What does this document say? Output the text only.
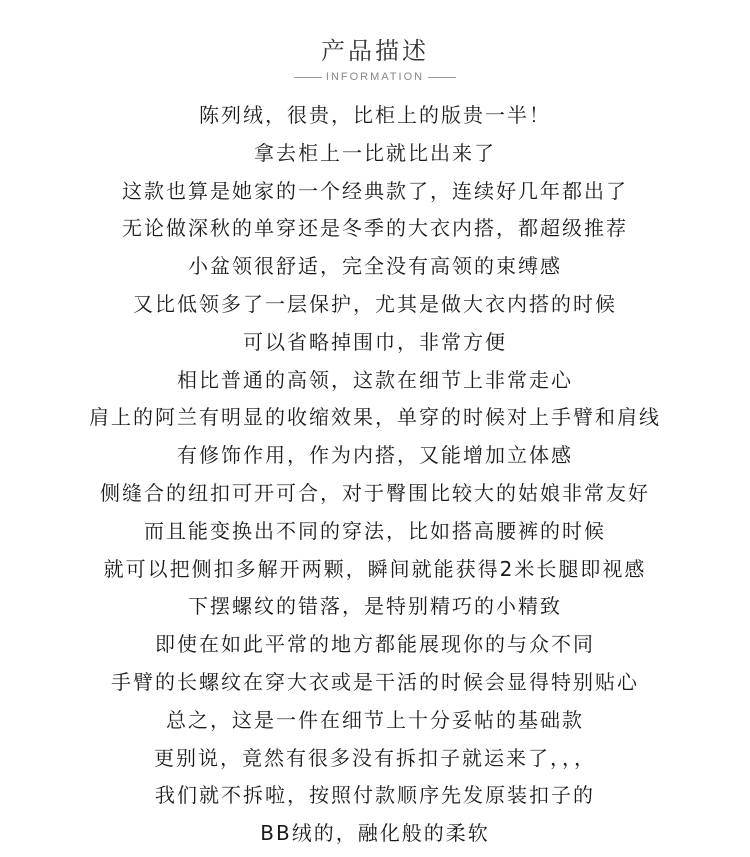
产品描述
INFORMATION
陈列绒，很贵，比柜上的版贵一半！
拿去柜上一比就比出来了
这款也算是她家的一个经典款了，连续好几年都出了
无论做深秋的单穿还是冬季的大衣内搭，都超级推荐
小盆领很舒适，完全没有高领的束缚感
又比低领多了一层保护，尤其是做大衣内搭的时候
可以省略掉围巾，非常方便
相比普通的高领，这款在细节上非常走心
肩上的阿兰有明显的收缩效果，单穿的时候对上手臂和肩线
有修饰作用，作为内搭，又能增加立体感
侧缝合的纽扣可开可合，对于臀围比较大的姑娘非常友好
而且能变换出不同的穿法，比如搭高腰裤的时候
就可以把侧扣多解开两颗，瞬间就能获得2米长腿即视感
下摆螺纹的错落，是特别精巧的小精致
即使在如此平常的地方都能展现你的与众不同
手臂的长螺纹在穿大衣或是干活的时候会显得特别贴心
总之，这是一件在细节上十分妥帖的基础款
更别说，竟然有很多没有拆扣子就运来了，，，
我们就不拆啦，按照付款顺序先发原装扣子的
BB绒的，融化般的柔软
